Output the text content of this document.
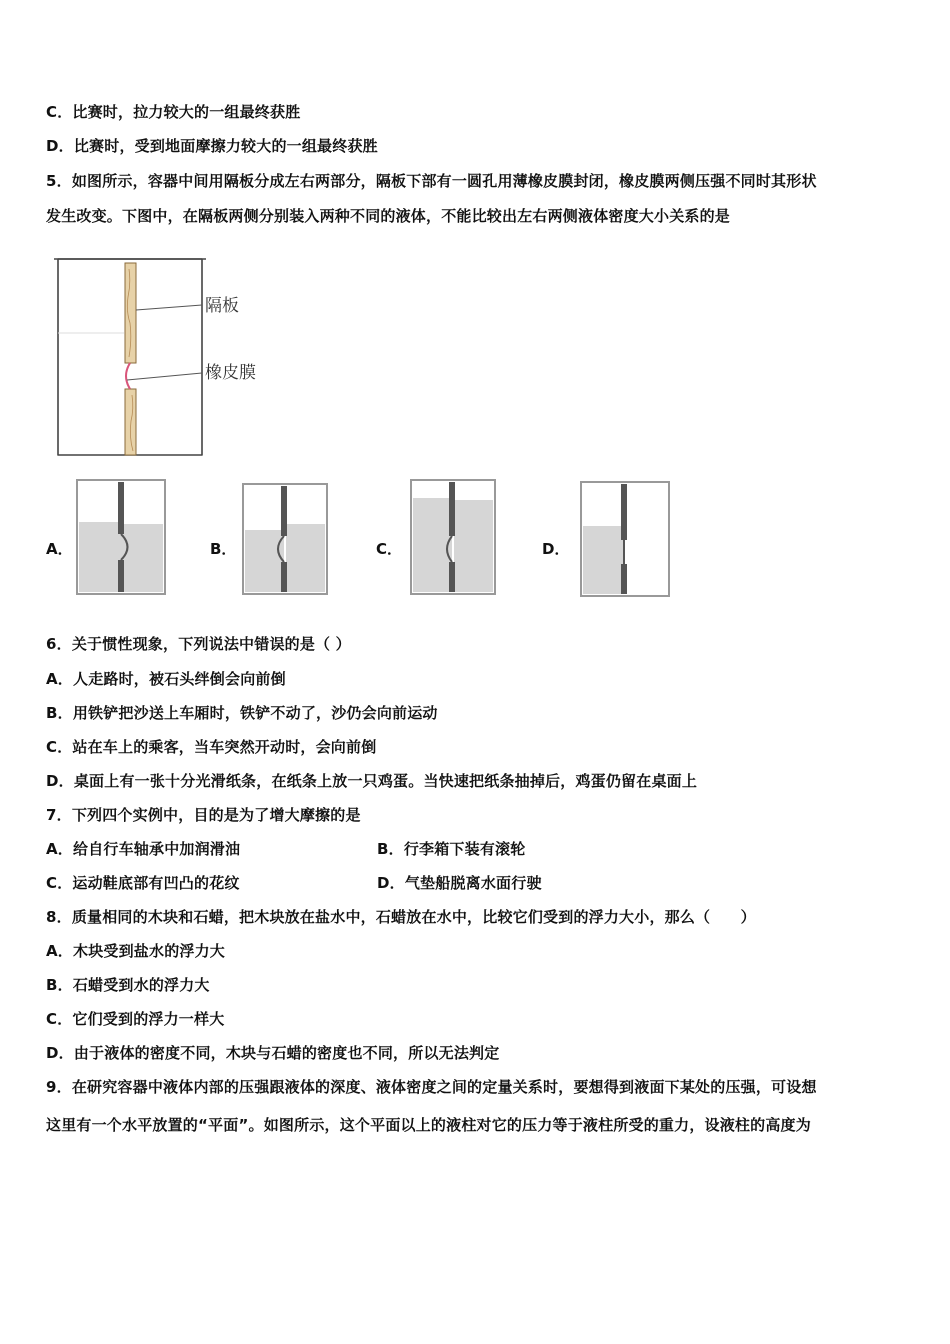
C．比赛时，拉力较大的一组最终获胜
D．比赛时，受到地面摩擦力较大的一组最终获胜
5．如图所示，容器中间用隔板分成左右两部分，隔板下部有一圆孔用薄橡皮膜封闭，橡皮膜两侧压强不同时其形状
发生改变。下图中，在隔板两侧分别装入两种不同的液体，不能比较出左右两侧液体密度大小关系的是
隔板
橡皮膜
A．	B．	C．	D．
6．关于惯性现象，下列说法中错误的是（ ）
A．人走路时，被石头绊倒会向前倒
B．用铁铲把沙送上车厢时，铁铲不动了，沙仍会向前运动
C．站在车上的乘客，当车突然开动时，会向前倒
D．桌面上有一张十分光滑纸条，在纸条上放一只鸡蛋。当快速把纸条抽掉后，鸡蛋仍留在桌面上
7．下列四个实例中，目的是为了增大摩擦的是
A．给自行车轴承中加润滑油	B．行李箱下装有滚轮
C．运动鞋底部有凹凸的花纹	D．气垫船脱离水面行驶
8．质量相同的木块和石蜡，把木块放在盐水中，石蜡放在水中，比较它们受到的浮力大小，那么（　　）
A．木块受到盐水的浮力大
B．石蜡受到水的浮力大
C．它们受到的浮力一样大
D．由于液体的密度不同，木块与石蜡的密度也不同，所以无法判定
9．在研究容器中液体内部的压强跟液体的深度、液体密度之间的定量关系时，要想得到液面下某处的压强，可设想
这里有一个水平放置的“平面”。如图所示，这个平面以上的液柱对它的压力等于液柱所受的重力，设液柱的高度为
